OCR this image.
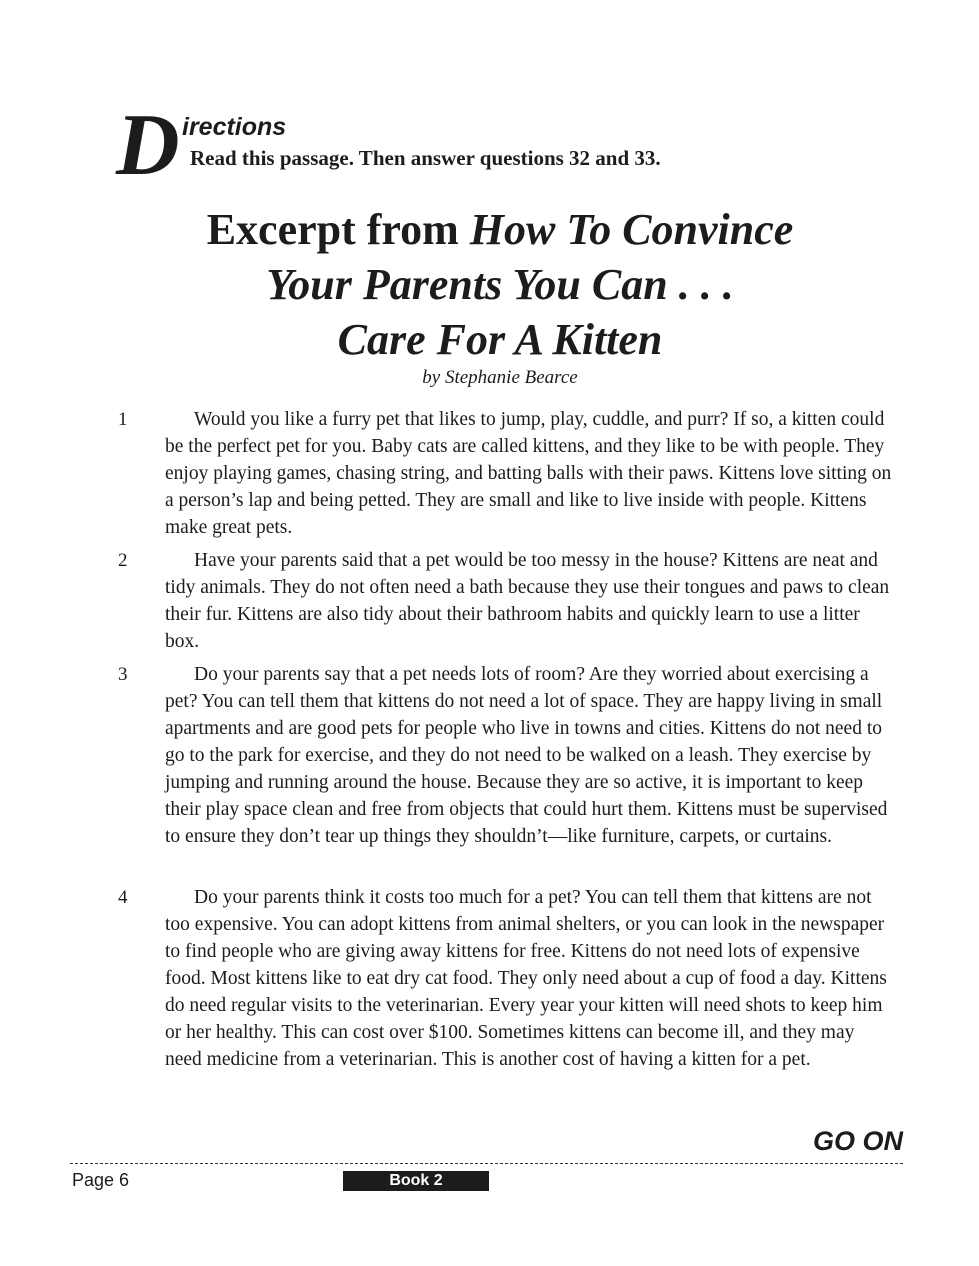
D irections
Read this passage. Then answer questions 32 and 33.
Excerpt from How To Convince
Your Parents You Can . . .
Care For A Kitten
by Stephanie Bearce
1	Would you like a furry pet that likes to jump, play, cuddle, and purr? If so, a kitten could be the perfect pet for you. Baby cats are called kittens, and they like to be with people. They enjoy playing games, chasing string, and batting balls with their paws. Kittens love sitting on a person’s lap and being petted. They are small and like to live inside with people. Kittens make great pets.

2	Have your parents said that a pet would be too messy in the house? Kittens are neat and tidy animals. They do not often need a bath because they use their tongues and paws to clean their fur. Kittens are also tidy about their bathroom habits and quickly learn to use a litter box.

3	Do your parents say that a pet needs lots of room? Are they worried about exercising a pet? You can tell them that kittens do not need a lot of space. They are happy living in small apartments and are good pets for people who live in towns and cities. Kittens do not need to go to the park for exercise, and they do not need to be walked on a leash. They exercise by jumping and running around the house. Because they are so active, it is important to keep their play space clean and free from objects that could hurt them. Kittens must be supervised to ensure they don’t tear up things they shouldn’t—like furniture, carpets, or curtains.

4	Do your parents think it costs too much for a pet? You can tell them that kittens are not too expensive. You can adopt kittens from animal shelters, or you can look in the newspaper to find people who are giving away kittens for free. Kittens do not need lots of expensive food. Most kittens like to eat dry cat food. They only need about a cup of food a day. Kittens do need regular visits to the veterinarian. Every year your kitten will need shots to keep him or her healthy. This can cost over $100. Sometimes kittens can become ill, and they may need medicine from a veterinarian. This is another cost of having a kitten for a pet.

GO ON
Page 6	Book 2
